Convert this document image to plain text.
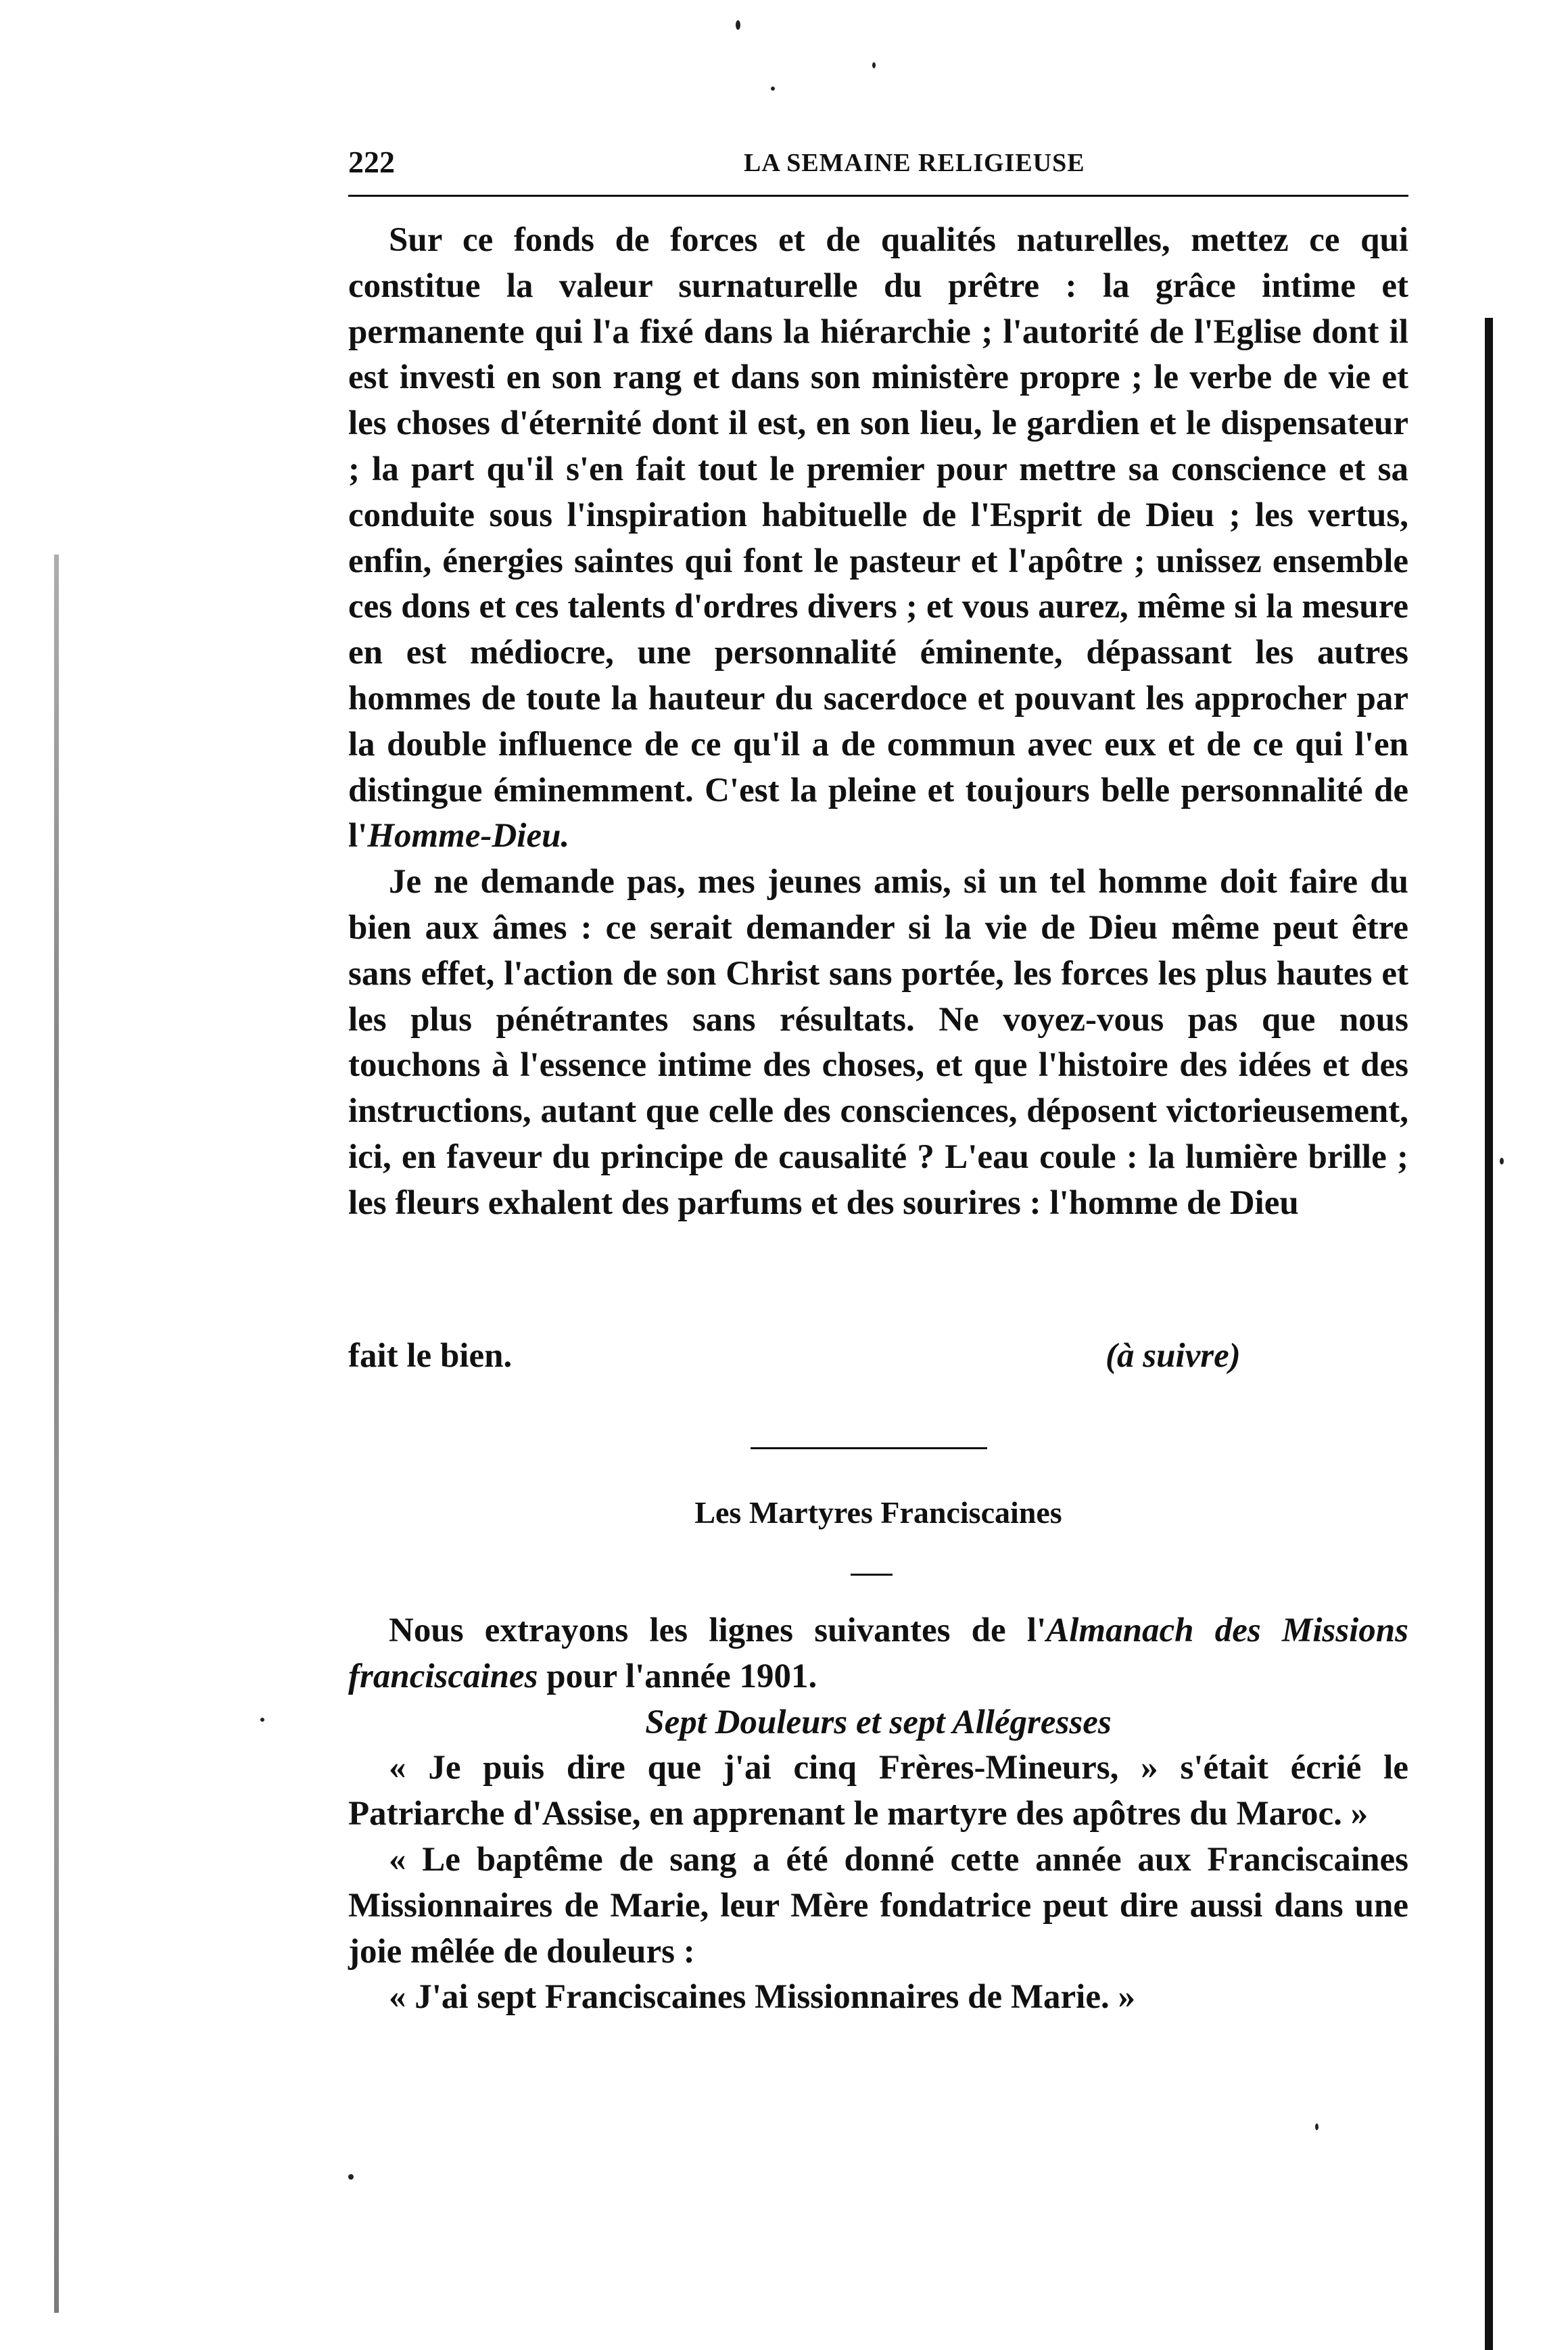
222	LA SEMAINE RELIGIEUSE

Sur ce fonds de forces et de qualités naturelles, mettez ce qui constitue la valeur surnaturelle du prêtre : la grâce intime et permanente qui l'a fixé dans la hiérarchie ; l'autorité de l'Eglise dont il est investi en son rang et dans son ministère propre ; le verbe de vie et les choses d'éternité dont il est, en son lieu, le gardien et le dispensateur ; la part qu'il s'en fait tout le premier pour mettre sa conscience et sa conduite sous l'inspiration habituelle de l'Esprit de Dieu ; les vertus, enfin, énergies saintes qui font le pasteur et l'apôtre ; unissez ensemble ces dons et ces talents d'ordres divers ; et vous aurez, même si la mesure en est médiocre, une personnalité éminente, dépassant les autres hommes de toute la hauteur du sacerdoce et pouvant les approcher par la double influence de ce qu'il a de commun avec eux et de ce qui l'en distingue éminemment. C'est la pleine et toujours belle personnalité de l'Homme-Dieu.

Je ne demande pas, mes jeunes amis, si un tel homme doit faire du bien aux âmes : ce serait demander si la vie de Dieu même peut être sans effet, l'action de son Christ sans portée, les forces les plus hautes et les plus pénétrantes sans résultats. Ne voyez-vous pas que nous touchons à l'essence intime des choses, et que l'histoire des idées et des instructions, autant que celle des consciences, déposent victorieusement, ici, en faveur du principe de causalité ? L'eau coule : la lumière brille ; les fleurs exhalent des parfums et des sourires : l'homme de Dieu

fait le bien.	(à suivre)
Les Martyres Franciscaines

Nous extrayons les lignes suivantes de l'Almanach des Missions franciscaines pour l'année 1901.

Sept Douleurs et sept Allégresses

« Je puis dire que j'ai cinq Frères-Mineurs, » s'était écrié le Patriarche d'Assise, en apprenant le martyre des apôtres du Maroc. »

« Le baptême de sang a été donné cette année aux Franciscaines Missionnaires de Marie, leur Mère fondatrice peut dire aussi dans une joie mêlée de douleurs :

« J'ai sept Franciscaines Missionnaires de Marie. »
